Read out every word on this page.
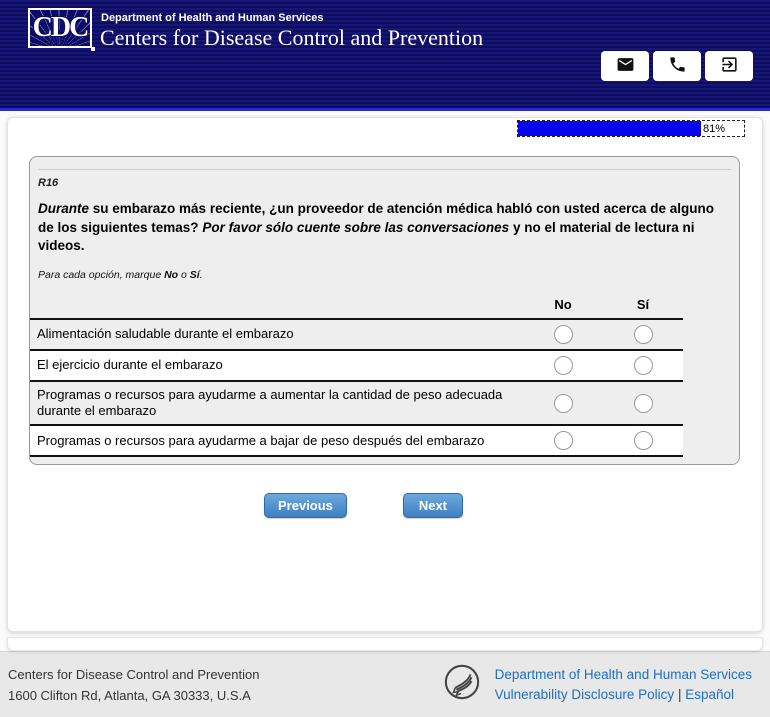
CDC Department of Health and Human Services
Centers for Disease Control and Prevention
81%
R16
Durante su embarazo más reciente, ¿un proveedor de atención médica habló con usted acerca de alguno de los siguientes temas? Por favor sólo cuente sobre las conversaciones y no el material de lectura ni videos.
Para cada opción, marque No o Sí.
No	Sí
Alimentación saludable durante el embarazo
El ejercicio durante el embarazo
Programas o recursos para ayudarme a aumentar la cantidad de peso adecuada durante el embarazo
Programas o recursos para ayudarme a bajar de peso después del embarazo
Previous	Next
Centers for Disease Control and Prevention
1600 Clifton Rd, Atlanta, GA 30333, U.S.A
Department of Health and Human Services
Vulnerability Disclosure Policy | Español
